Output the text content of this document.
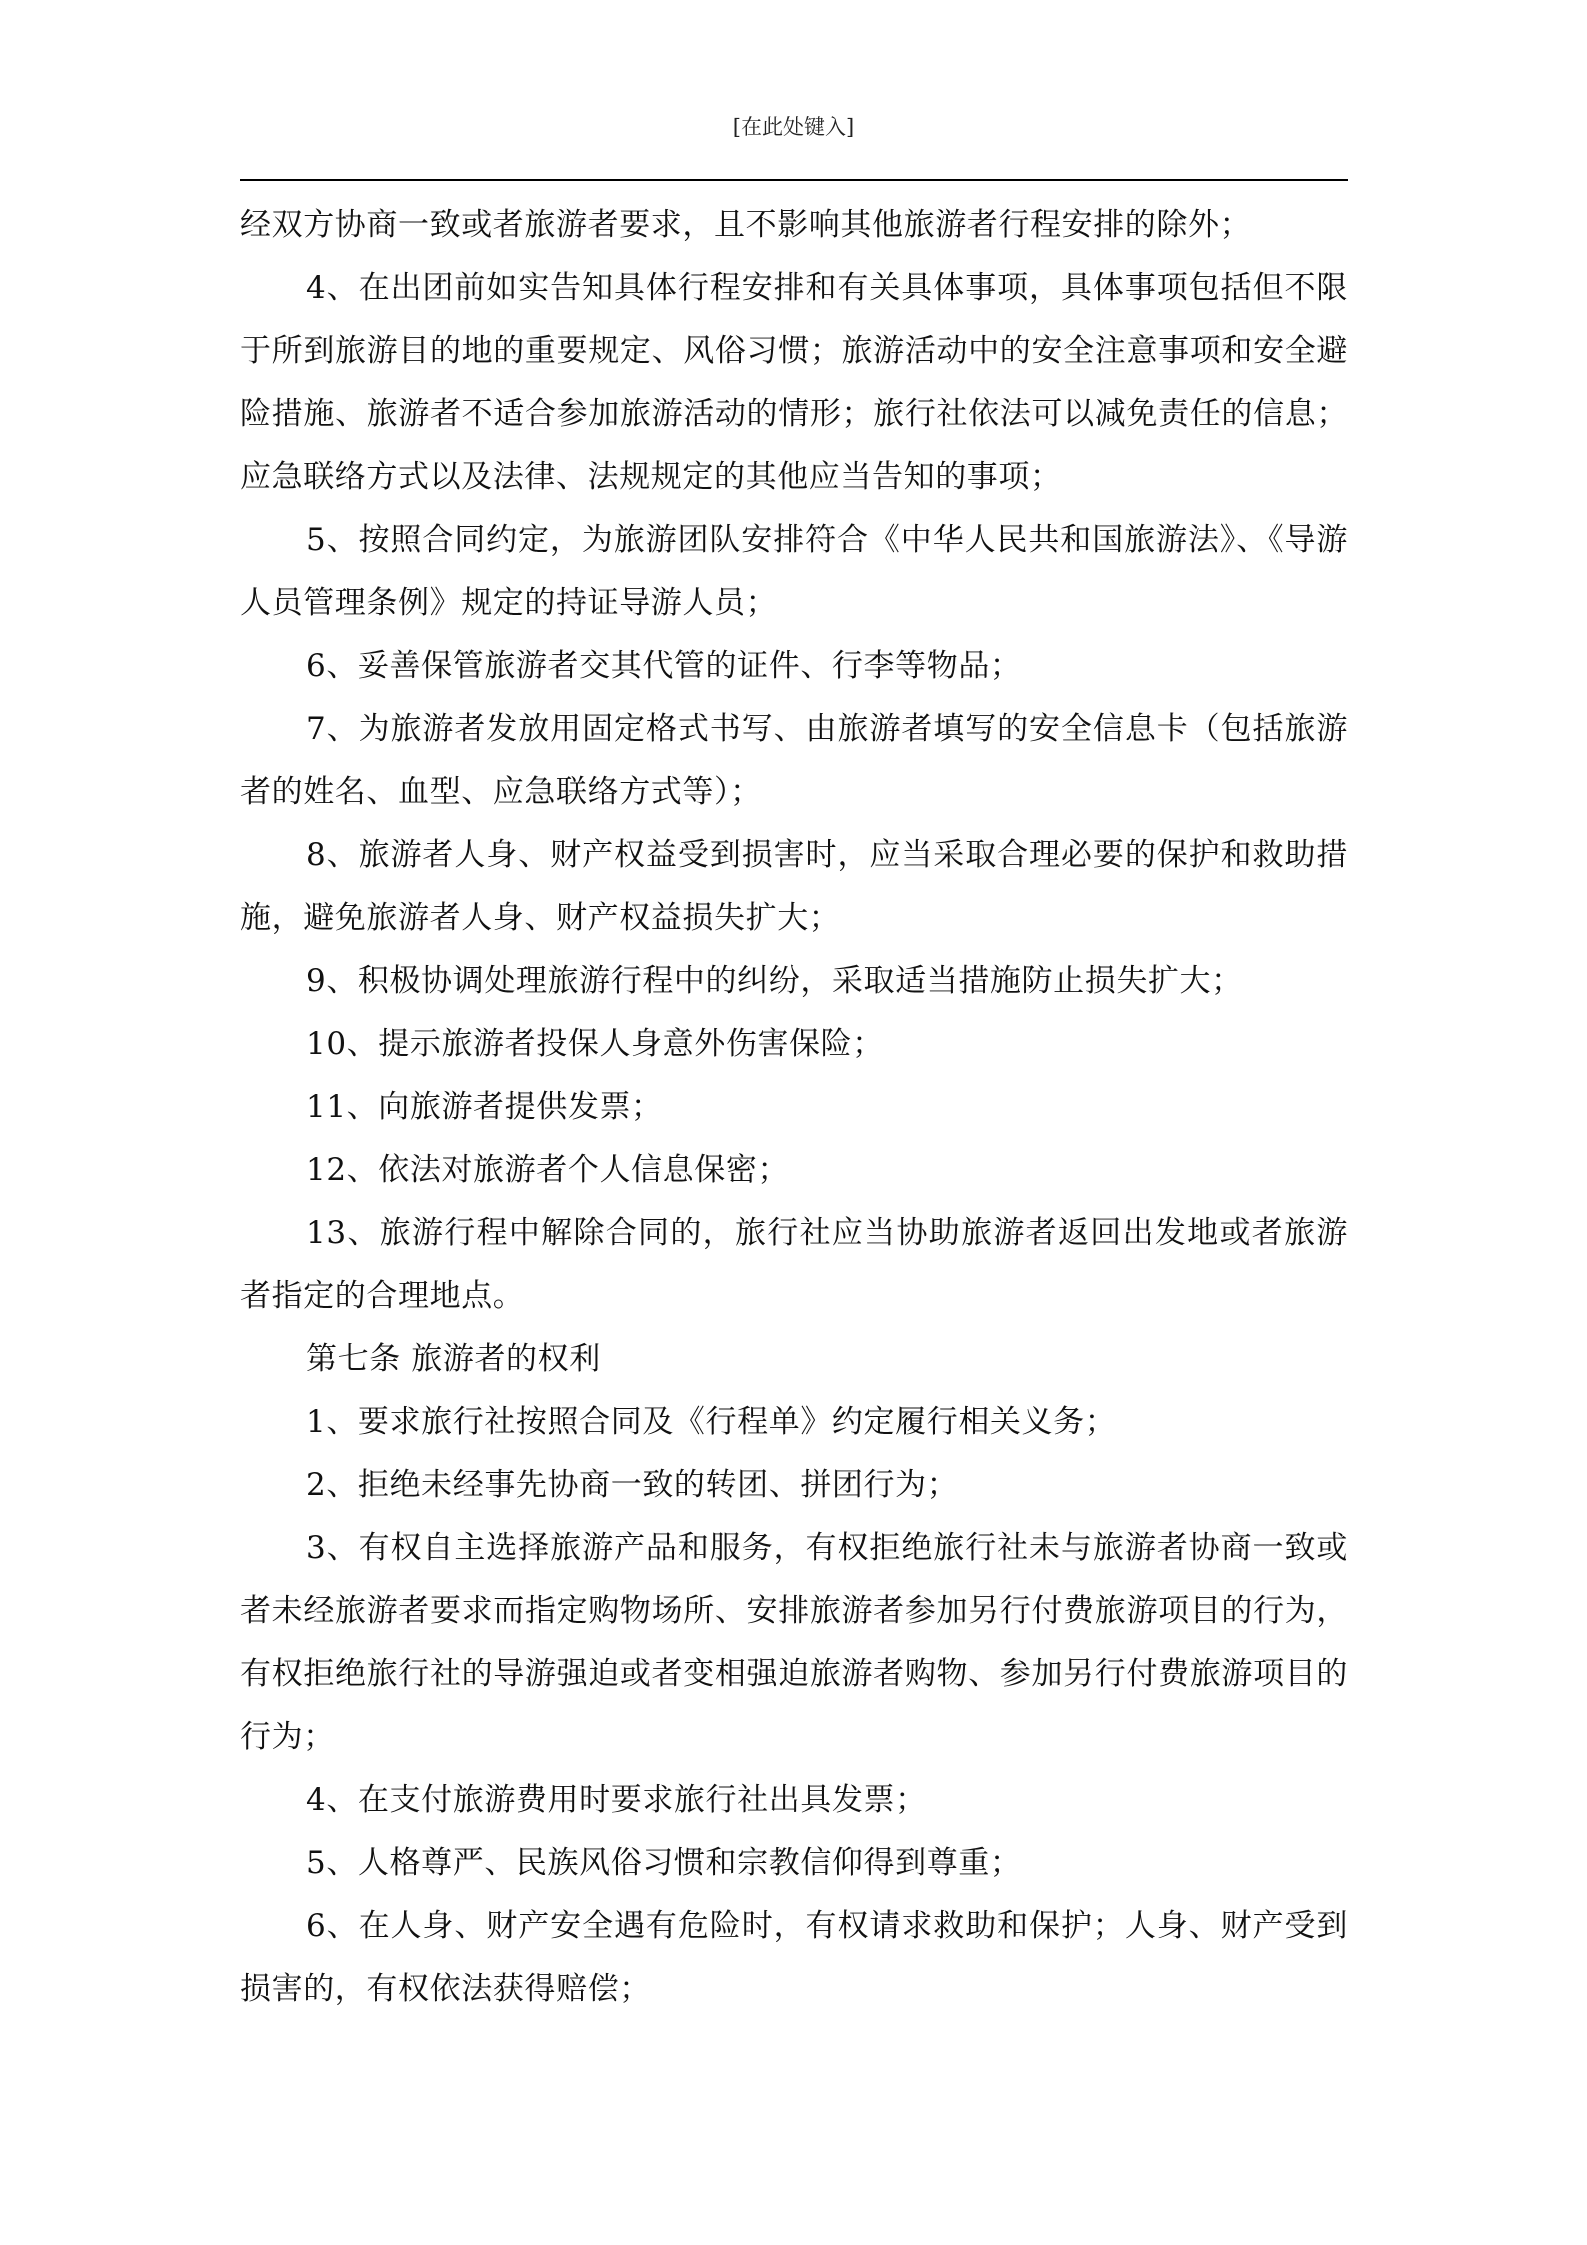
[在此处键入]

经双方协商一致或者旅游者要求，且不影响其他旅游者行程安排的除外；

4、在出团前如实告知具体行程安排和有关具体事项，具体事项包括但不限于所到旅游目的地的重要规定、风俗习惯；旅游活动中的安全注意事项和安全避险措施、旅游者不适合参加旅游活动的情形；旅行社依法可以减免责任的信息；应急联络方式以及法律、法规规定的其他应当告知的事项；

5、按照合同约定，为旅游团队安排符合《中华人民共和国旅游法》、《导游人员管理条例》规定的持证导游人员；

6、妥善保管旅游者交其代管的证件、行李等物品；

7、为旅游者发放用固定格式书写、由旅游者填写的安全信息卡（包括旅游者的姓名、血型、应急联络方式等）；

8、旅游者人身、财产权益受到损害时，应当采取合理必要的保护和救助措施，避免旅游者人身、财产权益损失扩大；

9、积极协调处理旅游行程中的纠纷，采取适当措施防止损失扩大；

10、提示旅游者投保人身意外伤害保险；

11、向旅游者提供发票；

12、依法对旅游者个人信息保密；

13、旅游行程中解除合同的，旅行社应当协助旅游者返回出发地或者旅游者指定的合理地点。

第七条 旅游者的权利

1、要求旅行社按照合同及《行程单》约定履行相关义务；

2、拒绝未经事先协商一致的转团、拼团行为；

3、有权自主选择旅游产品和服务，有权拒绝旅行社未与旅游者协商一致或者未经旅游者要求而指定购物场所、安排旅游者参加另行付费旅游项目的行为，有权拒绝旅行社的导游强迫或者变相强迫旅游者购物、参加另行付费旅游项目的行为；

4、在支付旅游费用时要求旅行社出具发票；

5、人格尊严、民族风俗习惯和宗教信仰得到尊重；

6、在人身、财产安全遇有危险时，有权请求救助和保护；人身、财产受到损害的，有权依法获得赔偿；
